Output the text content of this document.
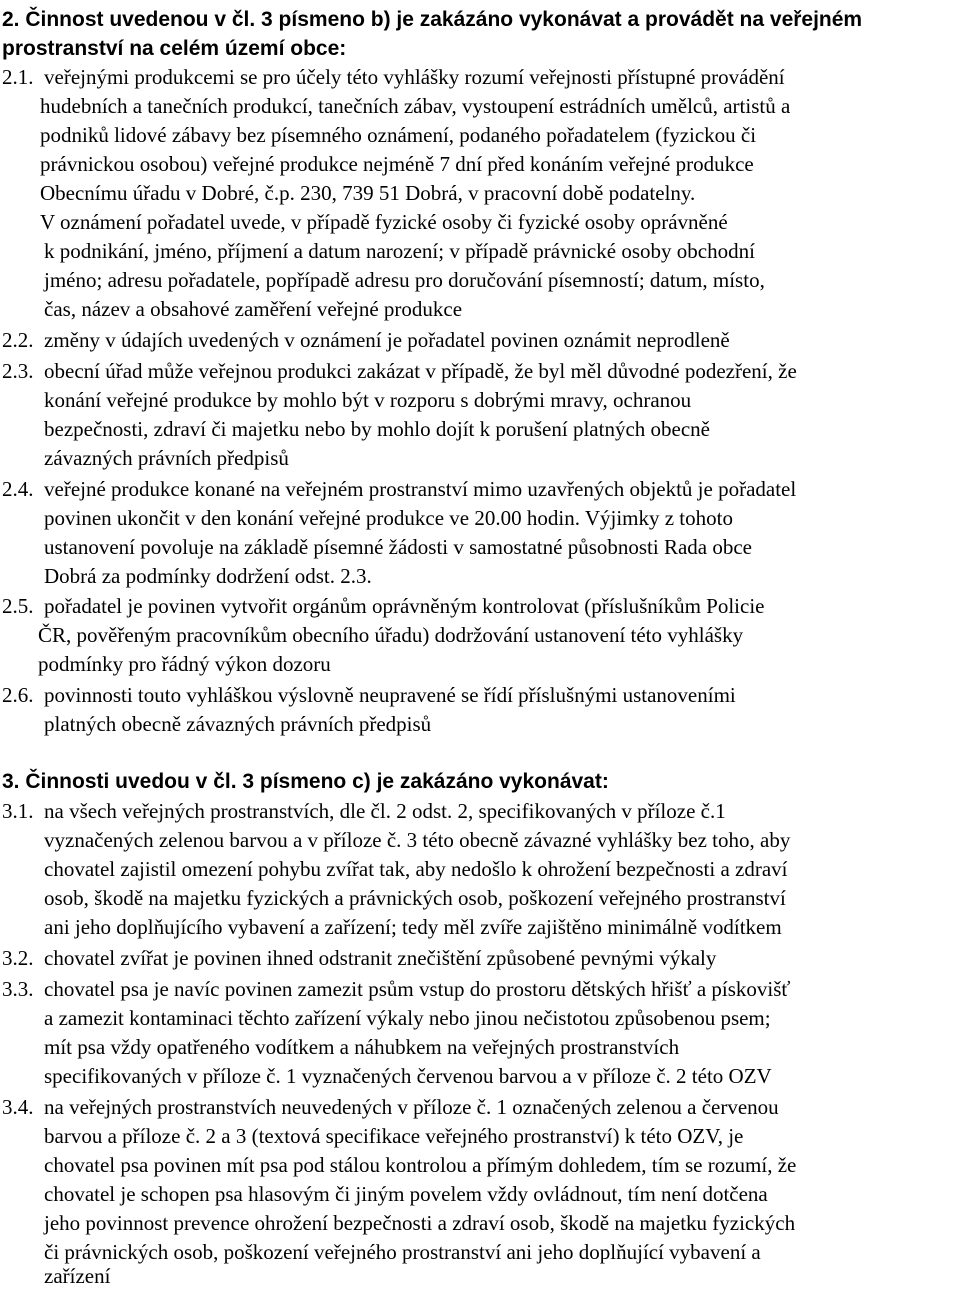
2. Činnost uvedenou v čl. 3 písmeno b) je zakázáno vykonávat a provádět na veřejném
prostranství na celém území obce:
2.1. veřejnými produkcemi se pro účely této vyhlášky rozumí veřejnosti přístupné provádění
hudebních a tanečních produkcí, tanečních zábav, vystoupení estrádních umělců, artistů a
podniků lidové zábavy bez písemného oznámení, podaného pořadatelem (fyzickou či
právnickou osobou) veřejné produkce nejméně 7 dní před konáním veřejné produkce
Obecnímu úřadu v Dobré, č.p. 230, 739 51 Dobrá, v pracovní době podatelny.
V oznámení pořadatel uvede, v případě fyzické osoby či fyzické osoby oprávněné
k podnikání, jméno, příjmení a datum narození; v případě právnické osoby obchodní
jméno; adresu pořadatele, popřípadě adresu pro doručování písemností; datum, místo,
čas, název a obsahové zaměření veřejné produkce
2.2. změny v údajích uvedených v oznámení je pořadatel povinen oznámit neprodleně
2.3. obecní úřad může veřejnou produkci zakázat v případě, že byl měl důvodné podezření, že
konání veřejné produkce by mohlo být v rozporu s dobrými mravy, ochranou
bezpečnosti, zdraví či majetku nebo by mohlo dojít k porušení platných obecně
závazných právních předpisů
2.4. veřejné produkce konané na veřejném prostranství mimo uzavřených objektů je pořadatel
povinen ukončit v den konání veřejné produkce ve 20.00 hodin. Výjimky z tohoto
ustanovení povoluje na základě písemné žádosti v samostatné působnosti Rada obce
Dobrá za podmínky dodržení odst. 2.3.
2.5. pořadatel je povinen vytvořit orgánům oprávněným kontrolovat (příslušníkům Policie
ČR, pověřeným pracovníkům obecního úřadu) dodržování ustanovení této vyhlášky
podmínky pro řádný výkon dozoru
2.6. povinnosti touto vyhláškou výslovně neupravené se řídí příslušnými ustanoveními
platných obecně závazných právních předpisů
3. Činnosti uvedou v čl. 3 písmeno c) je zakázáno vykonávat:
3.1. na všech veřejných prostranstvích, dle čl. 2 odst. 2, specifikovaných v příloze č.1
vyznačených zelenou barvou a v příloze č. 3 této obecně závazné vyhlášky bez toho, aby
chovatel zajistil omezení pohybu zvířat tak, aby nedošlo k ohrožení bezpečnosti a zdraví
osob, škodě na majetku fyzických a právnických osob, poškození veřejného prostranství
ani jeho doplňujícího vybavení a zařízení; tedy měl zvíře zajištěno minimálně vodítkem
3.2. chovatel zvířat je povinen ihned odstranit znečištění způsobené pevnými výkaly
3.3. chovatel psa je navíc povinen zamezit psům vstup do prostoru dětských hřišť a pískovišť
a zamezit kontaminaci těchto zařízení výkaly nebo jinou nečistotou způsobenou psem;
mít psa vždy opatřeného vodítkem a náhubkem na veřejných prostranstvích
specifikovaných v příloze č. 1 vyznačených červenou barvou a v příloze č. 2 této OZV
3.4. na veřejných prostranstvích neuvedených v příloze č. 1 označených zelenou a červenou
barvou a příloze č. 2 a 3 (textová specifikace veřejného prostranství) k této OZV, je
chovatel psa povinen mít psa pod stálou kontrolou a přímým dohledem, tím se rozumí, že
chovatel je schopen psa hlasovým či jiným povelem vždy ovládnout, tím není dotčena
jeho povinnost prevence ohrožení bezpečnosti a zdraví osob, škodě na majetku fyzických
či právnických osob, poškození veřejného prostranství ani jeho doplňující vybavení a
zařízení
